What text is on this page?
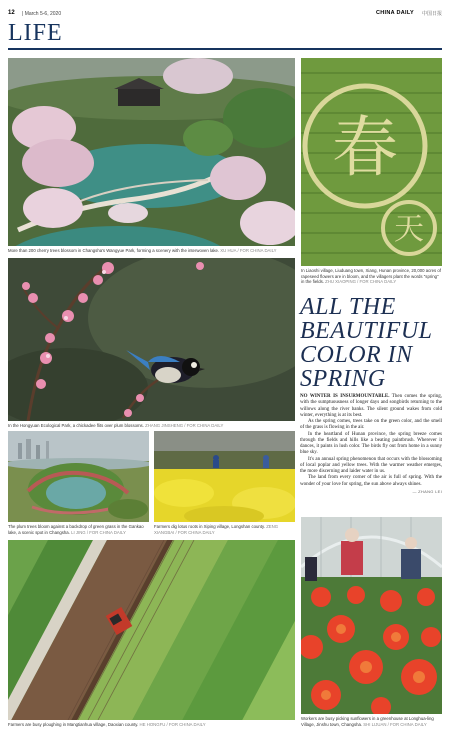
12 | March 5-6, 2020	CHINA DAILY 中国日报
LIFE
More than 200 cherry trees blossom in Changsha's Wangyue Park, forming a scenery with the interwoven lake. XU HUA / FOR CHINA DAILY
春
天
In Liaoshi village, Liuduang town, Xiang, Hunan province, 20,000 acres of rapeseed flowers are in bloom, and the villagers plant the words "spring" in the fields. ZHU XIAOPING / FOR CHINA DAILY
In the Hongyuan Ecological Park, a chickadee flits over plum blossoms. ZHANG JINSHENG / FOR CHINA DAILY
ALL THE BEAUTIFUL COLOR IN SPRING

NO WINTER IS INSURMOUNTABLE. Then comes the spring, with the sumptuousness of longer days and songbirds returning to the willows along the river banks. The silent ground wakes from cold winter, everything is at its best.

As the spring comes, trees take on the green color, and the smell of the grass is flowing in the air.

In the heartland of Hunan province, the spring breeze comes through the fields and hills like a beating paintbrush. Wherever it dances, it paints in lush color. The birds fly out from home in a sunny blue sky.

It's an annual spring phenomenon that occurs with the blossoming of local poplar and yellow trees. With the warmer weather emerges, the more discerning and laider water in us.

The land from every corner of the air is full of spring. With the wonder of your love for spring, the sun above always shines.

— ZHANG LEI
The plum trees bloom against a backdrop of green grass in the Gankao lake, a scenic spot in Changsha. LI JING / FOR CHINA DAILY
Farmers dig lotus roots in Xiping village, Longshan county. ZENG XIANGBAI / FOR CHINA DAILY
Farmers are busy ploughing in Mangtianhua village, Daoxian county. HE HONGFU / FOR CHINA DAILY
Workers are busy picking sunflowers in a greenhouse at Longhua-ling Village, Jinshu town, Changsha. SHI LIJUAN / FOR CHINA DAILY
